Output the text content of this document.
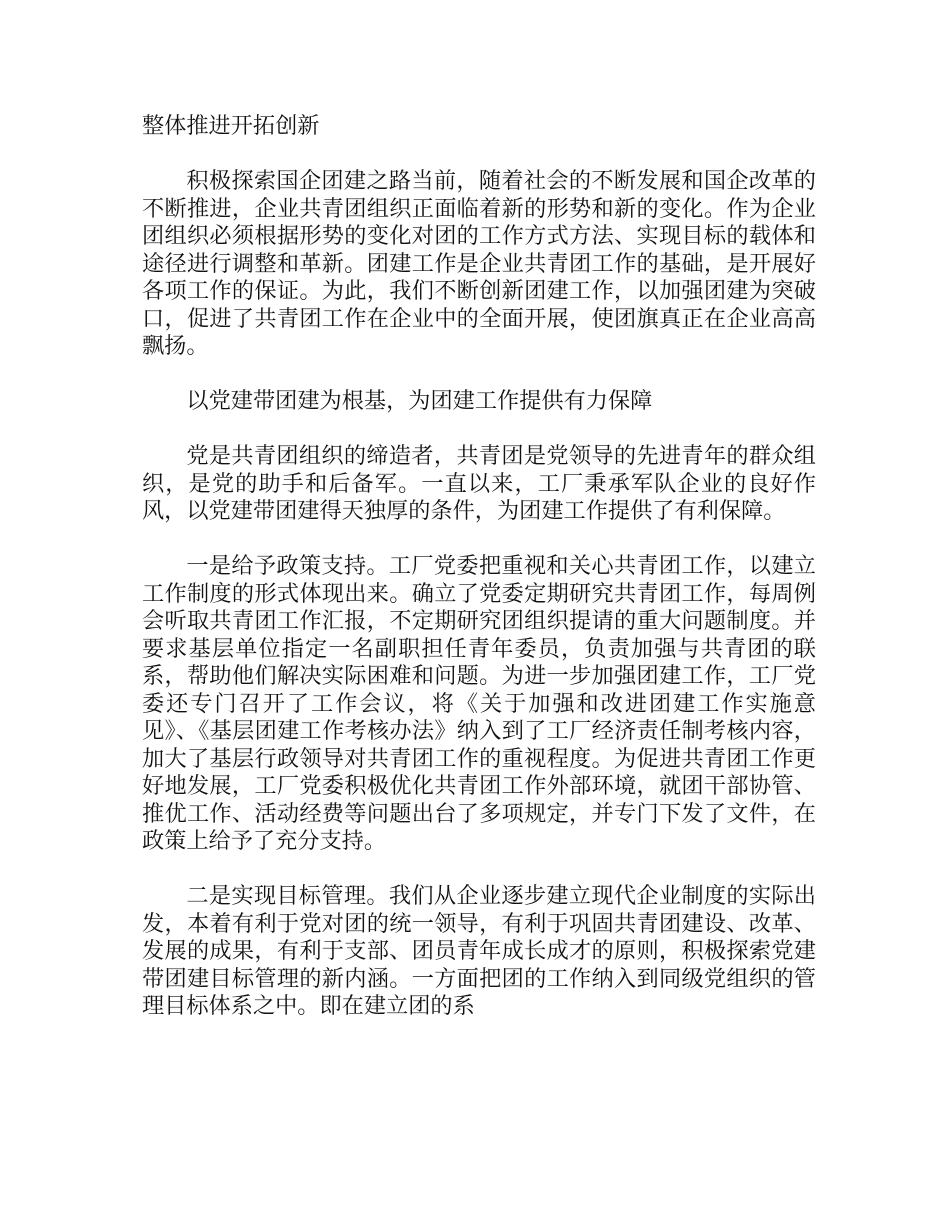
整体推进开拓创新

积极探索国企团建之路当前，随着社会的不断发展和国企改革的不断推进，企业共青团组织正面临着新的形势和新的变化。作为企业团组织必须根据形势的变化对团的工作方式方法、实现目标的载体和途径进行调整和革新。团建工作是企业共青团工作的基础，是开展好各项工作的保证。为此，我们不断创新团建工作，以加强团建为突破口，促进了共青团工作在企业中的全面开展，使团旗真正在企业高高飘扬。

以党建带团建为根基，为团建工作提供有力保障

党是共青团组织的缔造者，共青团是党领导的先进青年的群众组织，是党的助手和后备军。一直以来，工厂秉承军队企业的良好作风，以党建带团建得天独厚的条件，为团建工作提供了有利保障。

一是给予政策支持。工厂党委把重视和关心共青团工作，以建立工作制度的形式体现出来。确立了党委定期研究共青团工作，每周例会听取共青团工作汇报，不定期研究团组织提请的重大问题制度。并要求基层单位指定一名副职担任青年委员，负责加强与共青团的联系，帮助他们解决实际困难和问题。为进一步加强团建工作，工厂党委还专门召开了工作会议，将《关于加强和改进团建工作实施意见》、《基层团建工作考核办法》纳入到了工厂经济责任制考核内容，加大了基层行政领导对共青团工作的重视程度。为促进共青团工作更好地发展，工厂党委积极优化共青团工作外部环境，就团干部协管、推优工作、活动经费等问题出台了多项规定，并专门下发了文件，在政策上给予了充分支持。

二是实现目标管理。我们从企业逐步建立现代企业制度的实际出发，本着有利于党对团的统一领导，有利于巩固共青团建设、改革、发展的成果，有利于支部、团员青年成长成才的原则，积极探索党建带团建目标管理的新内涵。一方面把团的工作纳入到同级党组织的管理目标体系之中。即在建立团的系
